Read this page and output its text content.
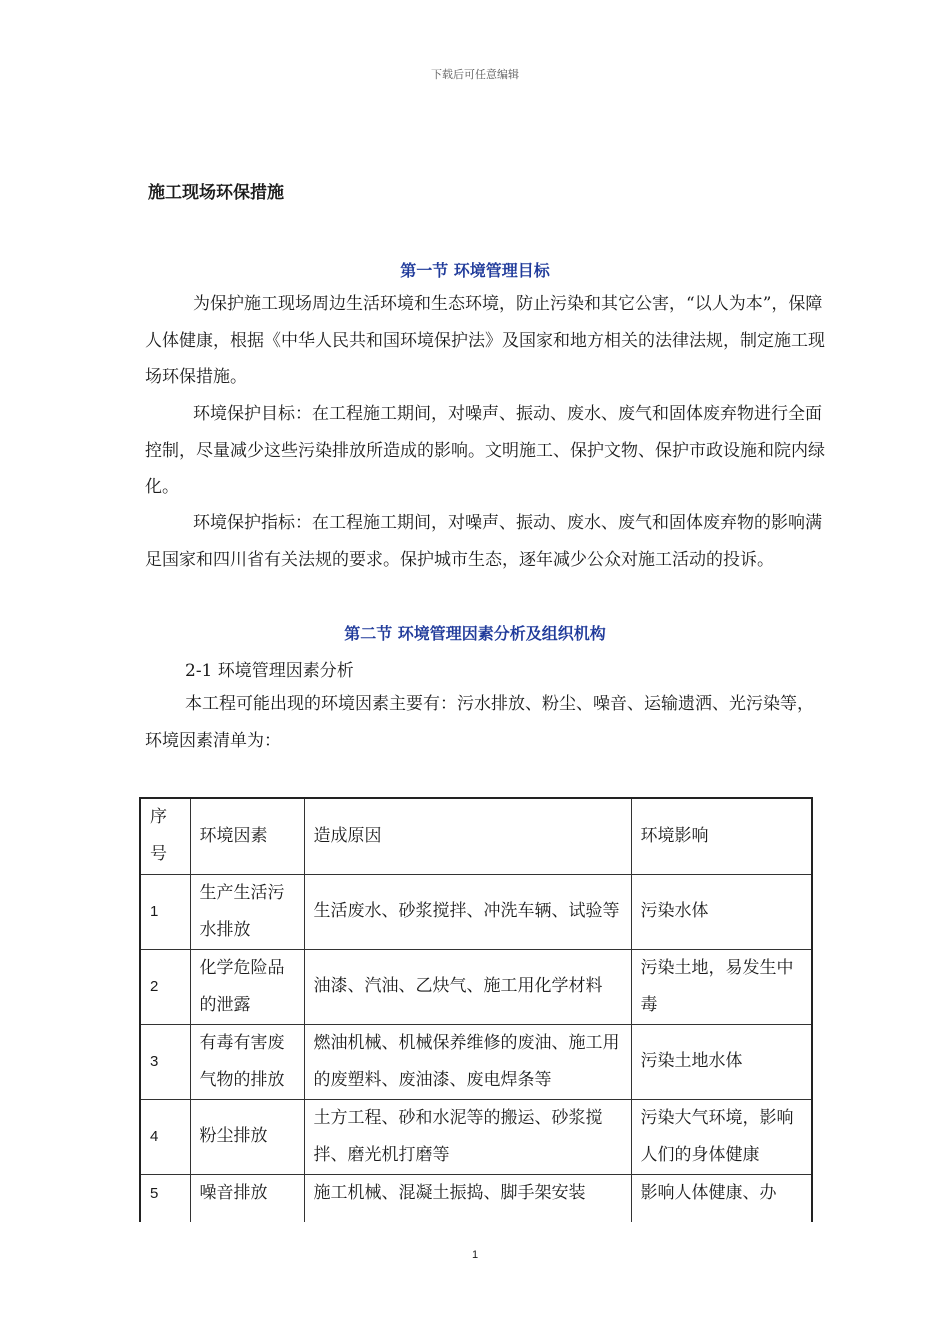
下载后可任意编辑
施工现场环保措施
第一节 环境管理目标

为保护施工现场周边生活环境和生态环境，防止污染和其它公害，“以人为本”，保障人体健康，根据《中华人民共和国环境保护法》及国家和地方相关的法律法规，制定施工现场环保措施。

环境保护目标：在工程施工期间，对噪声、振动、废水、废气和固体废弃物进行全面控制，尽量减少这些污染排放所造成的影响。文明施工、保护文物、保护市政设施和院内绿化。

环境保护指标：在工程施工期间，对噪声、振动、废水、废气和固体废弃物的影响满足国家和四川省有关法规的要求。保护城市生态，逐年减少公众对施工活动的投诉。

第二节 环境管理因素分析及组织机构

2-1 环境管理因素分析

本工程可能出现的环境因素主要有：污水排放、粉尘、噪音、运输遗洒、光污染等，环境因素清单为：

序号	环境因素	造成原因	环境影响
1	生产生活污水排放	生活废水、砂浆搅拌、冲洗车辆、试验等	污染水体
2	化学危险品的泄露	油漆、汽油、乙炔气、施工用化学材料	污染土地，易发生中毒
3	有毒有害废气物的排放	燃油机械、机械保养维修的废油、施工用的废塑料、废油漆、废电焊条等	污染土地水体
4	粉尘排放	土方工程、砂和水泥等的搬运、砂浆搅拌、磨光机打磨等	污染大气环境，影响人们的身体健康
5	噪音排放	施工机械、混凝土振捣、脚手架安装	影响人体健康、办
1
